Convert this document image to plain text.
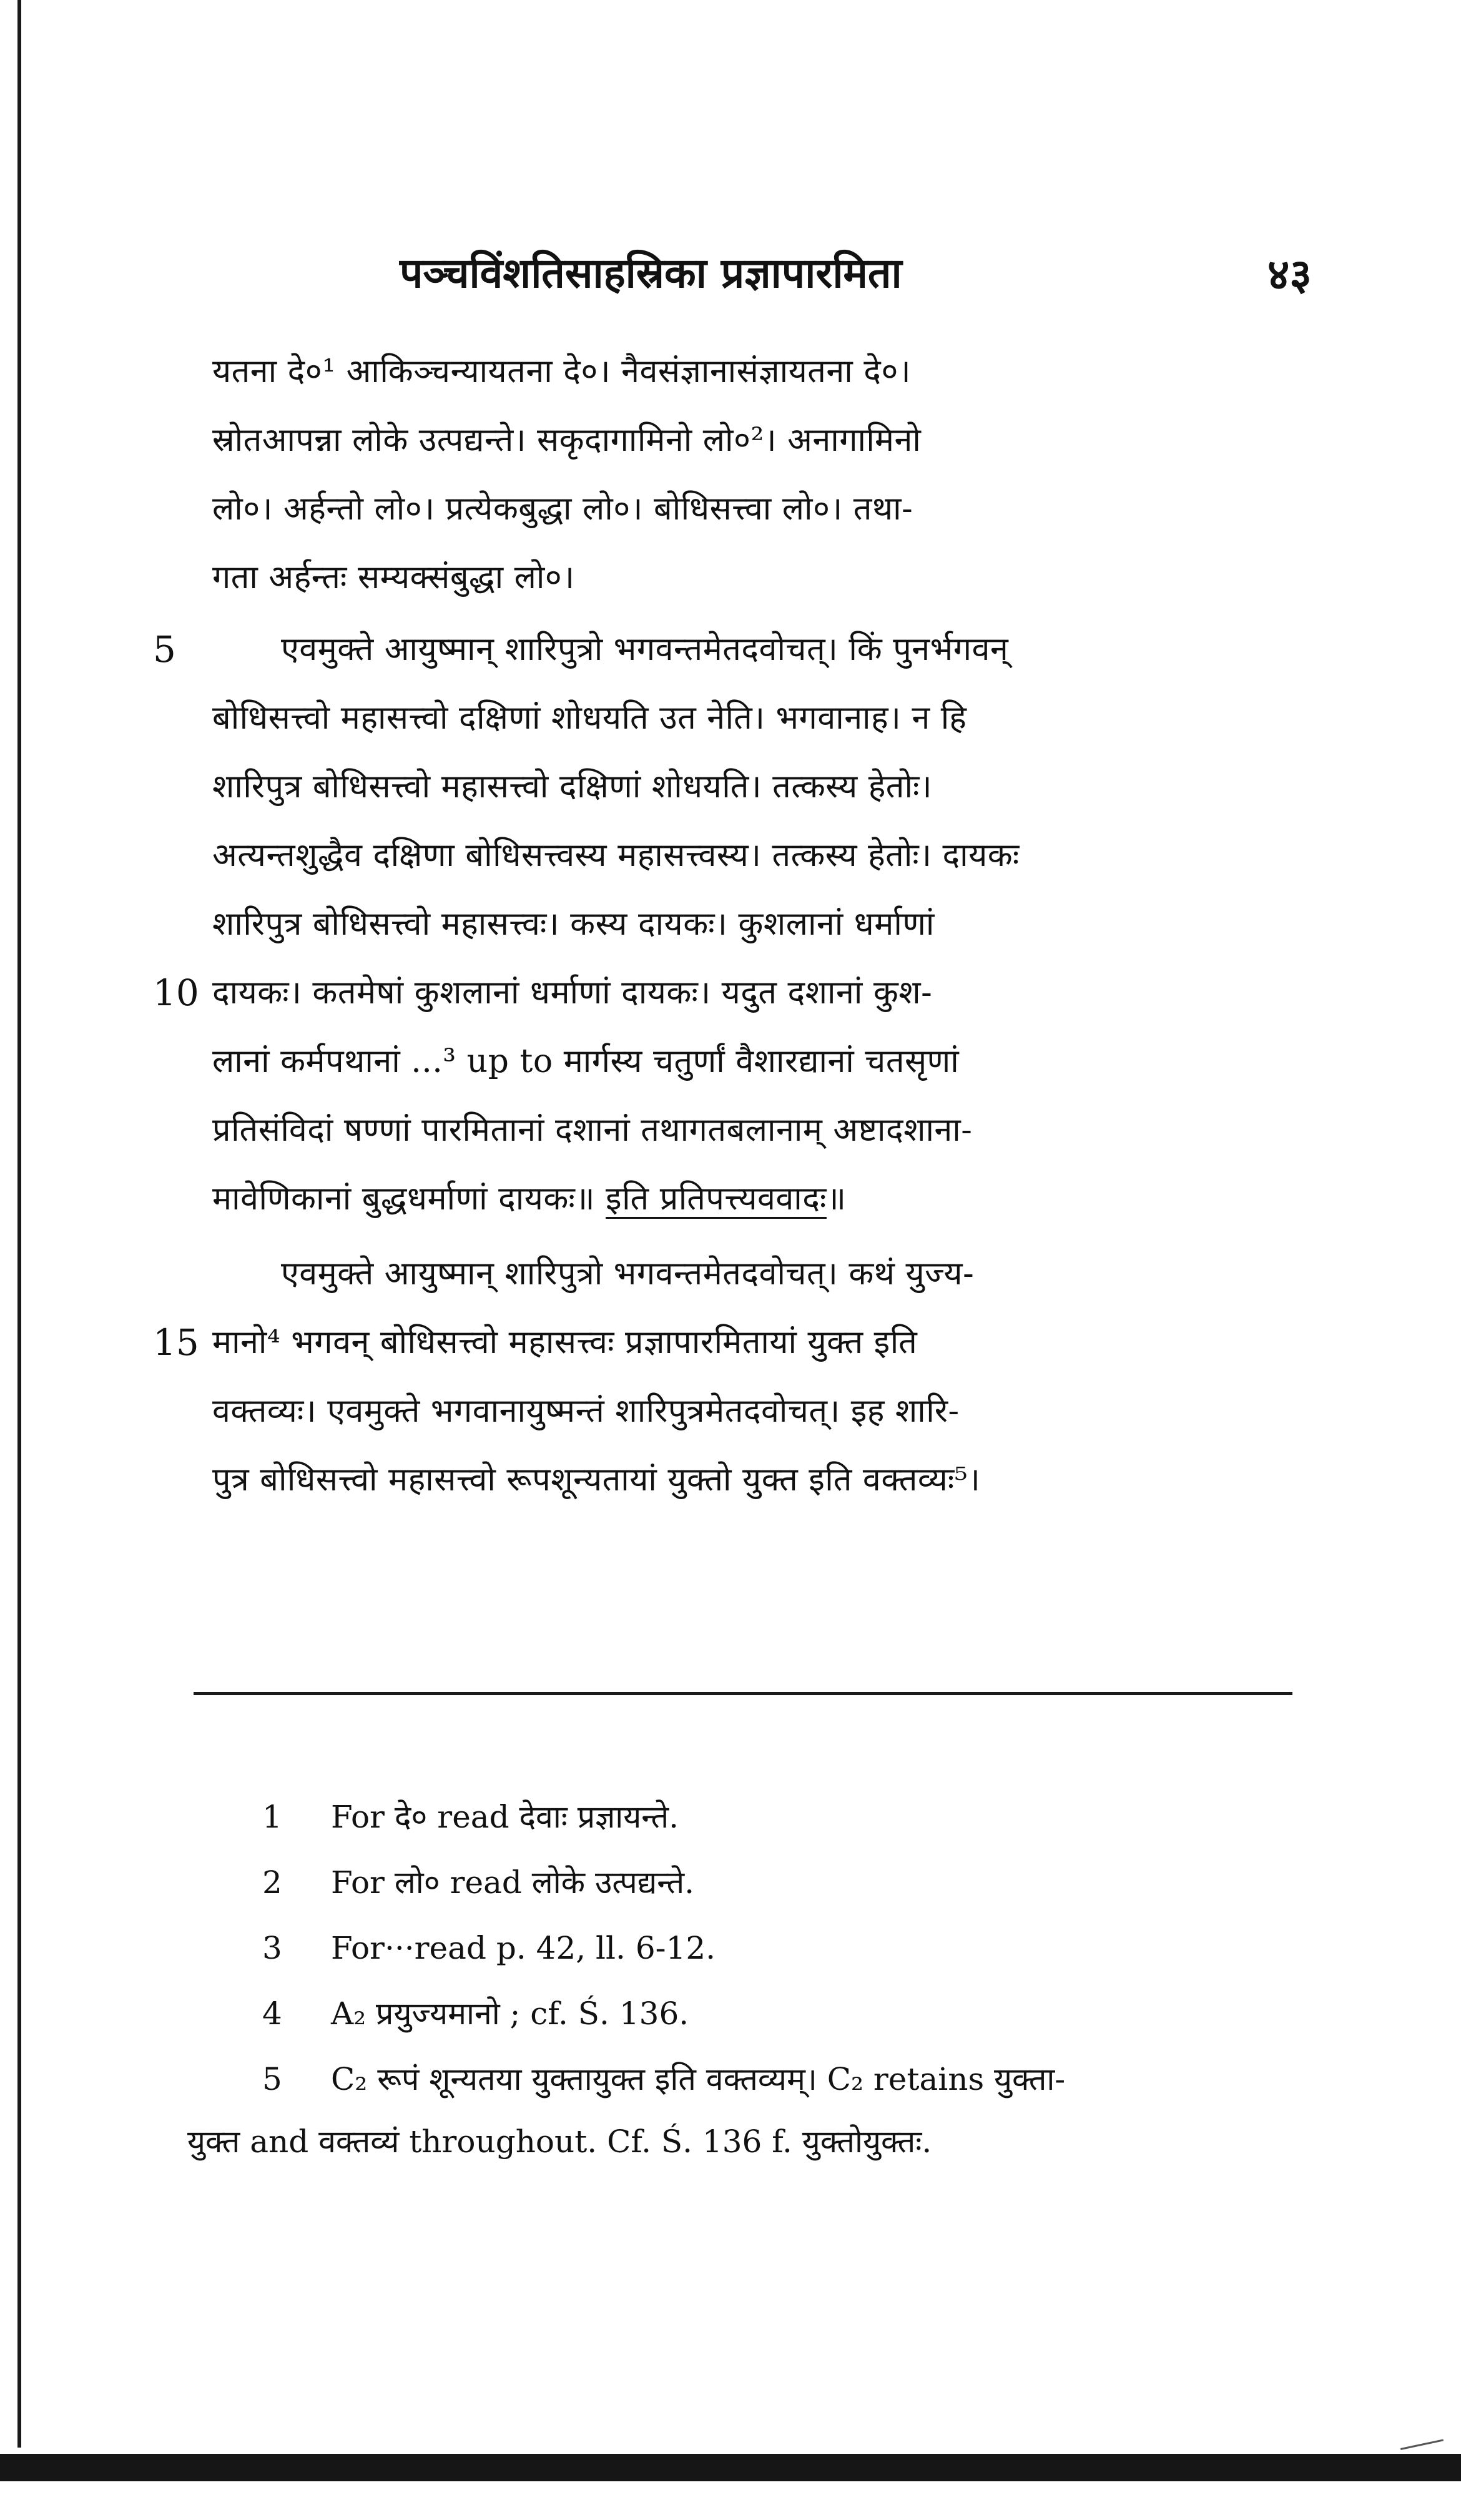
पञ्चविंशतिसाहस्रिका प्रज्ञापारमिता	४३
यतना दे०¹ आकिञ्चन्यायतना दे०। नैवसंज्ञानासंज्ञायतना दे०।
स्रोतआपन्ना लोके उत्पद्यन्ते। सकृदागामिनो लो०²। अनागामिनो
लो०। अर्हन्तो लो०। प्रत्येकबुद्धा लो०। बोधिसत्त्वा लो०। तथा-
गता अर्हन्तः सम्यक्संबुद्धा लो०।
5	एवमुक्ते आयुष्मान् शारिपुत्रो भगवन्तमेतदवोचत्। किं पुनर्भगवन्
बोधिसत्त्वो महासत्त्वो दक्षिणां शोधयति उत नेति। भगवानाह। न हि
शारिपुत्र बोधिसत्त्वो महासत्त्वो दक्षिणां शोधयति। तत्कस्य हेतोः।
अत्यन्तशुद्धैव दक्षिणा बोधिसत्त्वस्य महासत्त्वस्य। तत्कस्य हेतोः। दायकः
शारिपुत्र बोधिसत्त्वो महासत्त्वः। कस्य दायकः। कुशलानां धर्माणां
10 दायकः। कतमेषां कुशलानां धर्माणां दायकः। यदुत दशानां कुश-
लानां कर्मपथानां ...³ up to मार्गस्य चतुर्णां वैशारद्यानां चतसृणां
प्रतिसंविदां षण्णां पारमितानां दशानां तथागतबलानाम् अष्टादशाना-
मावेणिकानां बुद्धधर्माणां दायकः॥ इति प्रतिपत्त्यववादः॥
एवमुक्ते आयुष्मान् शारिपुत्रो भगवन्तमेतदवोचत्। कथं युज्य-
15 मानो⁴ भगवन् बोधिसत्त्वो महासत्त्वः प्रज्ञापारमितायां युक्त इति
वक्तव्यः। एवमुक्ते भगवानायुष्मन्तं शारिपुत्रमेतदवोचत्। इह शारि-
पुत्र बोधिसत्त्वो महासत्त्वो रूपशून्यतायां युक्तो युक्त इति वक्तव्यः⁵।
1 For दे० read देवाः प्रज्ञायन्ते.
2 For लो० read लोके उत्पद्यन्ते.
3 For···read p. 42, ll. 6-12.
4 A₂ प्रयुज्यमानो ; cf. Ś. 136.
5 C₂ रूपं शून्यतया युक्तायुक्त इति वक्तव्यम्। C₂ retains युक्ता-
युक्त and वक्तव्यं throughout. Cf. Ś. 136 f. युक्तोयुक्तः.
